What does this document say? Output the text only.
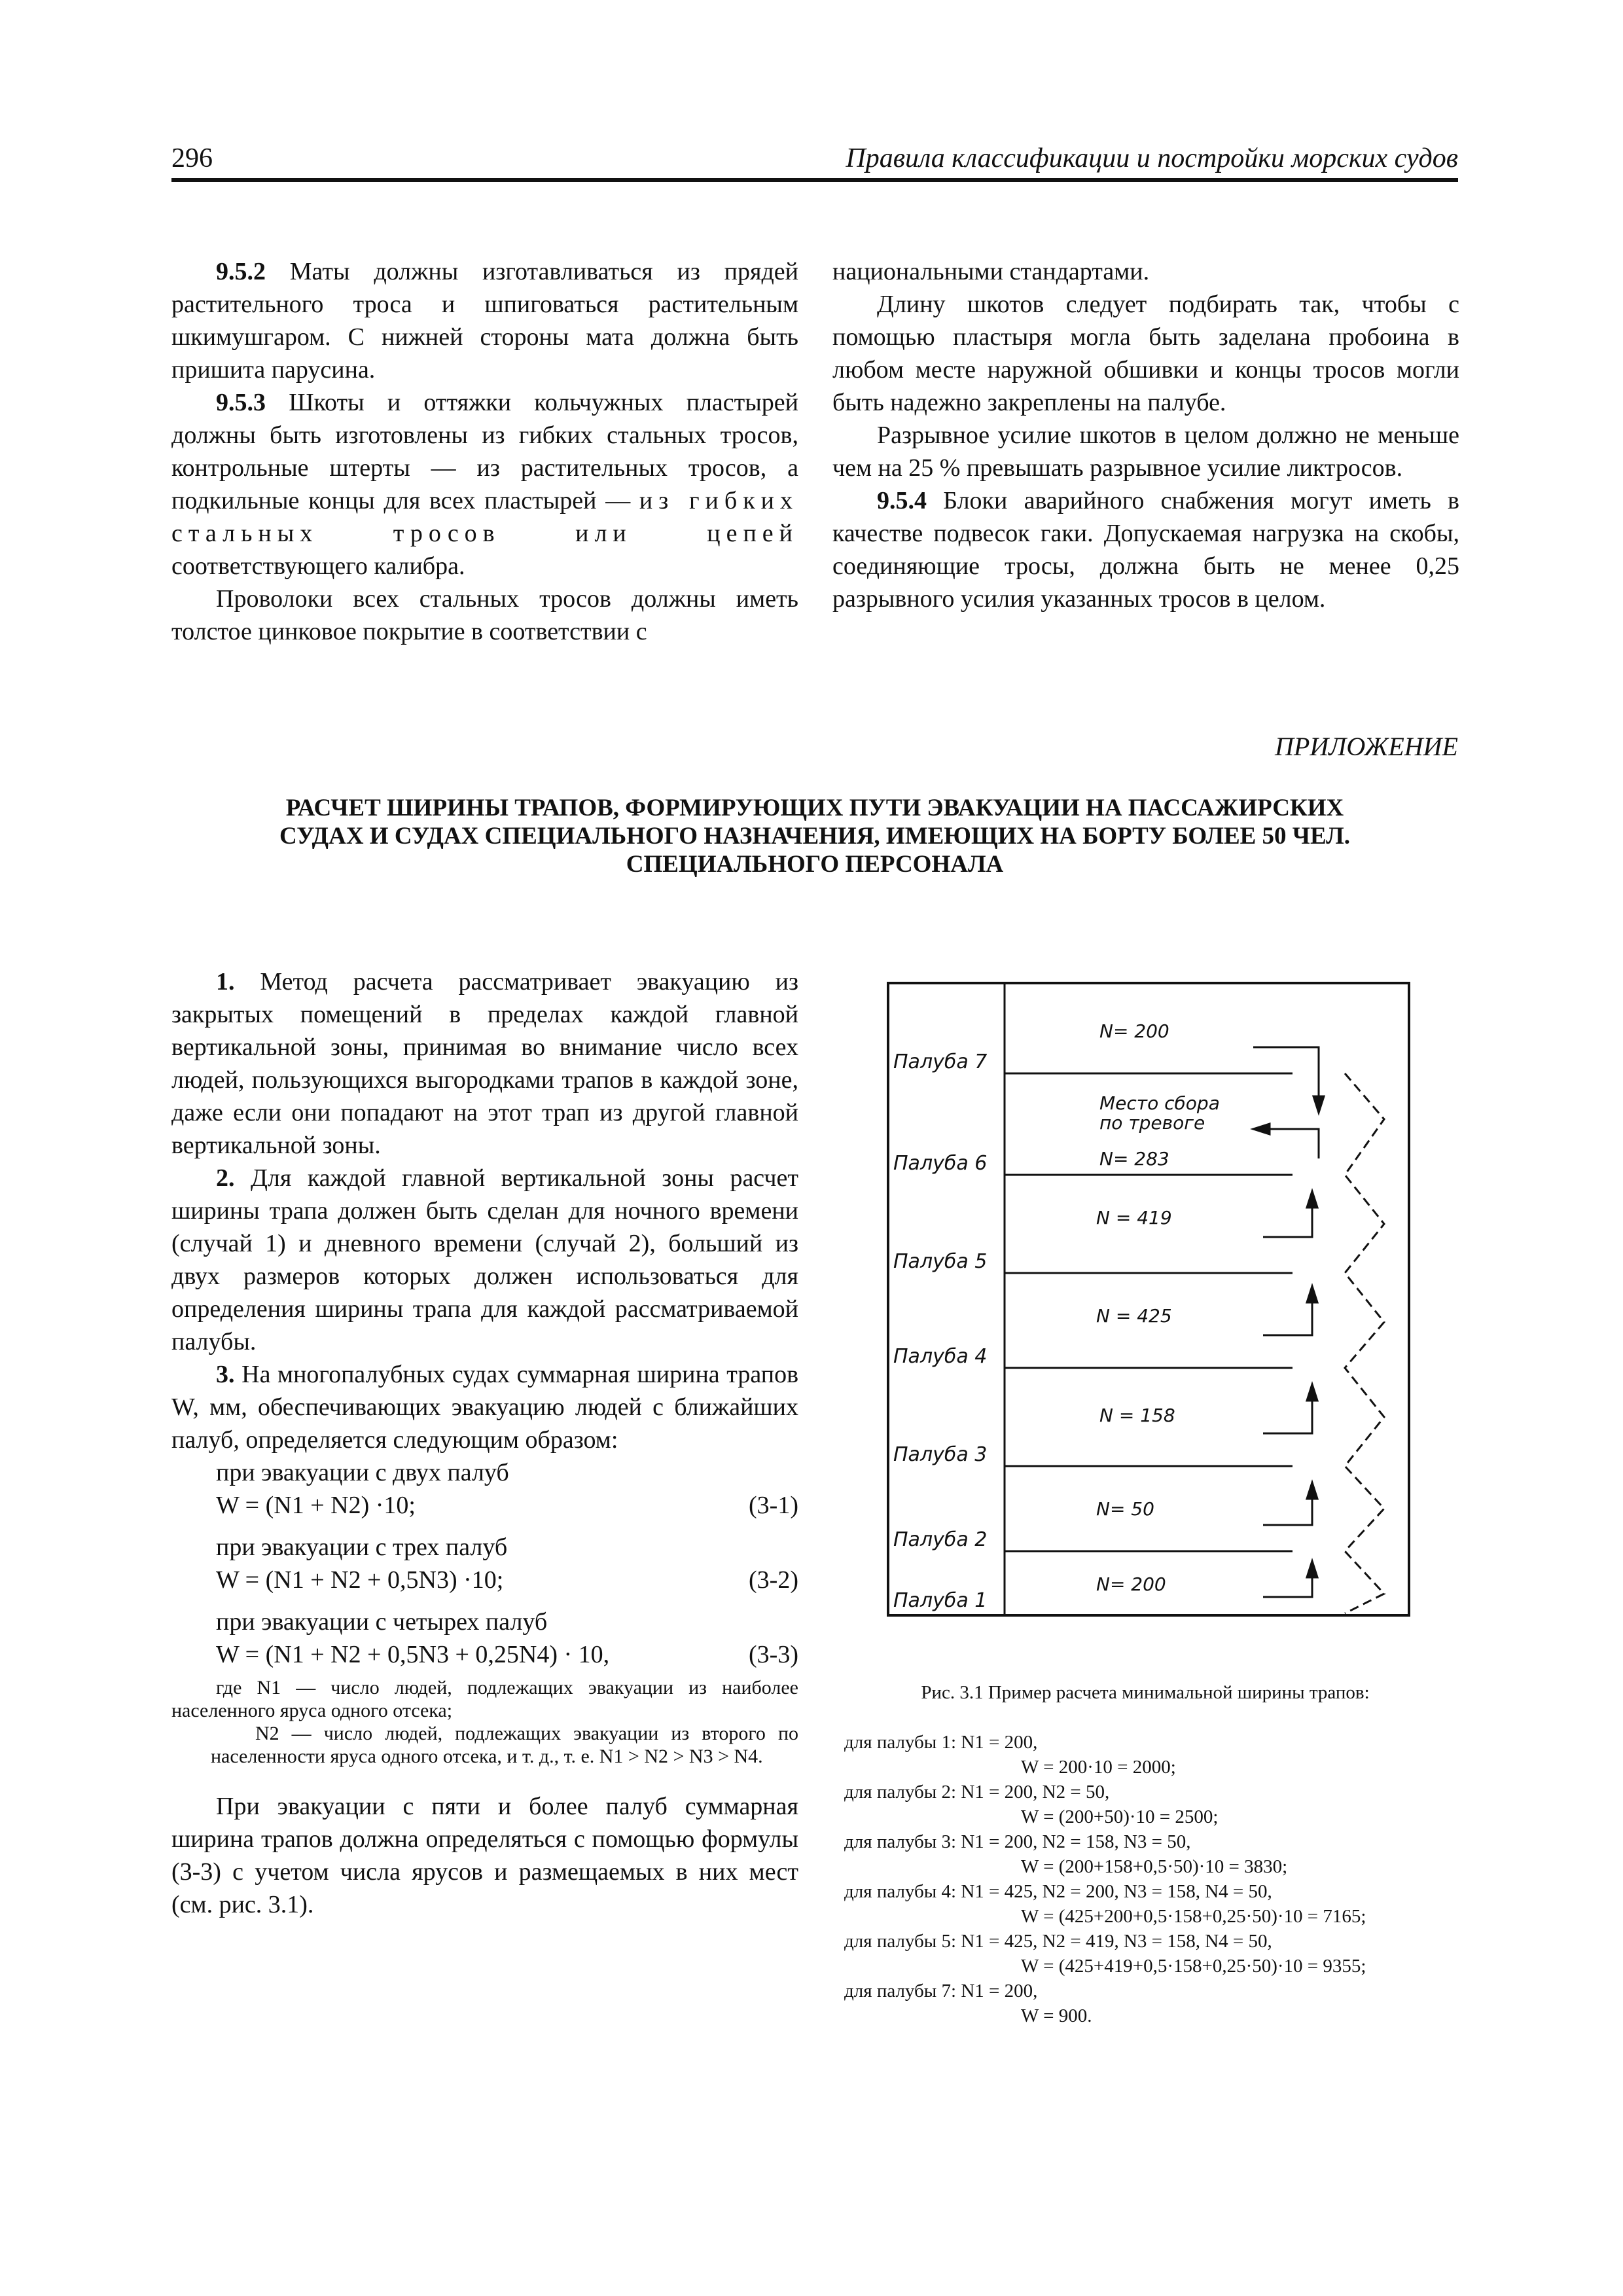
296	Правила классификации и постройки морских судов

9.5.2 Маты должны изготавливаться из прядей растительного троса и шпиговаться растительным шкимушгаром. С нижней стороны мата должна быть пришита парусина.

9.5.3 Шкоты и оттяжки кольчужных пластырей должны быть изготовлены из гибких стальных тросов, контрольные штерты — из растительных тросов, а подкильные концы для всех пластырей — из гибких стальных тросов или цепей соответствующего калибра.

Проволоки всех стальных тросов должны иметь толстое цинковое покрытие в соответствии с

национальными стандартами.

Длину шкотов следует подбирать так, чтобы с помощью пластыря могла быть заделана пробоина в любом месте наружной обшивки и концы тросов могли быть надежно закреплены на палубе.

Разрывное усилие шкотов в целом должно не меньше чем на 25 % превышать разрывное усилие ликтросов.

9.5.4 Блоки аварийного снабжения могут иметь в качестве подвесок гаки. Допускаемая нагрузка на скобы, соединяющие тросы, должна быть не менее 0,25 разрывного усилия указанных тросов в целом.

ПРИЛОЖЕНИЕ
РАСЧЕТ ШИРИНЫ ТРАПОВ, ФОРМИРУЮЩИХ ПУТИ ЭВАКУАЦИИ НА ПАССАЖИРСКИХ
СУДАХ И СУДАХ СПЕЦИАЛЬНОГО НАЗНАЧЕНИЯ, ИМЕЮЩИХ НА БОРТУ БОЛЕЕ 50 ЧЕЛ.
СПЕЦИАЛЬНОГО ПЕРСОНАЛА

1. Метод расчета рассматривает эвакуацию из закрытых помещений в пределах каждой главной вертикальной зоны, принимая во внимание число всех людей, пользующихся выгородками трапов в каждой зоне, даже если они попадают на этот трап из другой главной вертикальной зоны.

2. Для каждой главной вертикальной зоны расчет ширины трапа должен быть сделан для ночного времени (случай 1) и дневного времени (случай 2), больший из двух размеров которых должен использоваться для определения ширины трапа для каждой рассматриваемой палубы.

3. На многопалубных судах суммарная ширина трапов W, мм, обеспечивающих эвакуацию людей с ближайших палуб, определяется следующим образом:

при эвакуации с двух палуб

W = (N1 + N2) ·10;	(3-1)

при эвакуации с трех палуб

W = (N1 + N2 + 0,5N3) ·10;	(3-2)

при эвакуации с четырех палуб

W = (N1 + N2 + 0,5N3 + 0,25N4) · 10,	(3-3)

где N1 — число людей, подлежащих эвакуации из наиболее населенного яруса одного отсека;

N2 — число людей, подлежащих эвакуации из второго по населенности яруса одного отсека, и т. д., т. е. N1 > N2 > N3 > N4.

При эвакуации с пяти и более палуб суммарная ширина трапов должна определяться с помощью формулы (3-3) с учетом числа ярусов и размещаемых в них мест (см. рис. 3.1).

Палуба 7
Палуба 6
Палуба 5
Палуба 4
Палуба 3
Палуба 2
Палуба 1
N= 200
N= 283
N = 419
N = 425
N = 158
N= 50
N= 200
Место сбора
по тревоге
Рис. 3.1 Пример расчета минимальной ширины трапов:
для палубы 1: N1 = 200,
W = 200·10 = 2000;
для палубы 2: N1 = 200, N2 = 50,
W = (200+50)·10 = 2500;
для палубы 3: N1 = 200, N2 = 158, N3 = 50,
W = (200+158+0,5·50)·10 = 3830;
для палубы 4: N1 = 425, N2 = 200, N3 = 158, N4 = 50,
W = (425+200+0,5·158+0,25·50)·10 = 7165;
для палубы 5: N1 = 425, N2 = 419, N3 = 158, N4 = 50,
W = (425+419+0,5·158+0,25·50)·10 = 9355;
для палубы 7: N1 = 200,
W = 900.
